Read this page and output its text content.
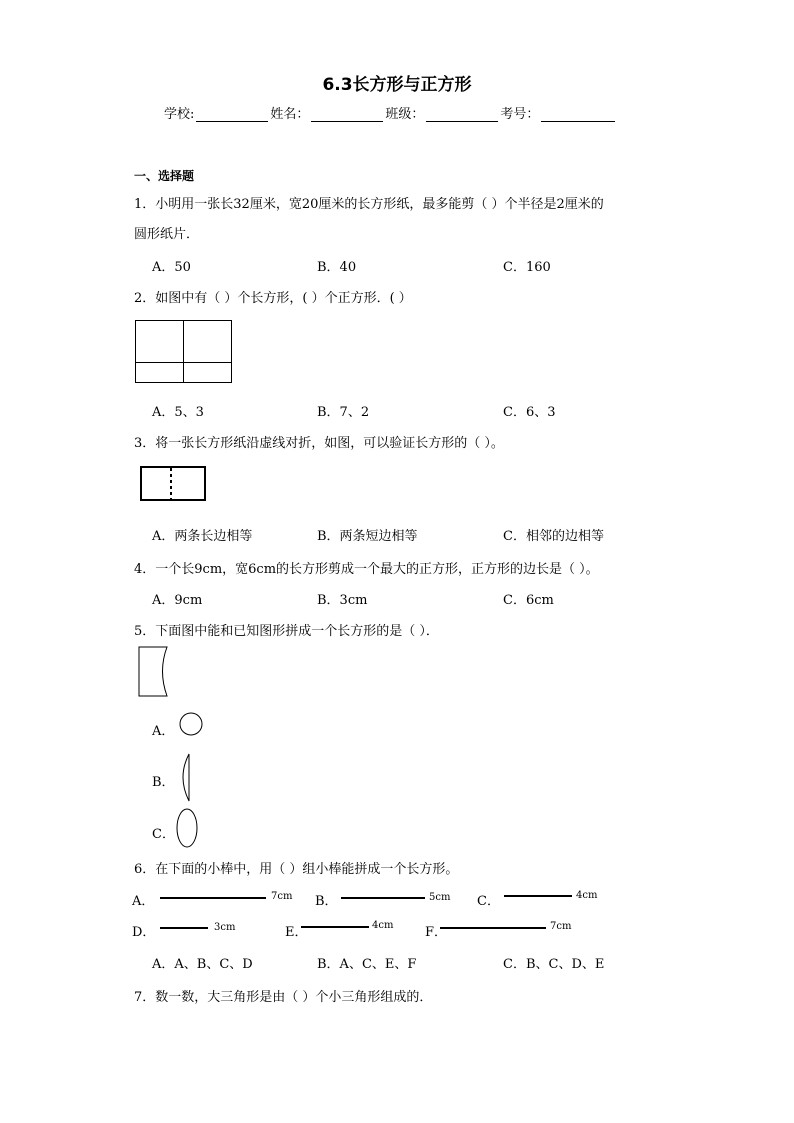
6.3长方形与正方形
学校:	姓名：	班级：	考号：
一、选择题
1．小明用一张长32厘米，宽20厘米的长方形纸，最多能剪（ ）个半径是2厘米的
圆形纸片．
A．50	B．40	C．160
2．如图中有（ ）个长方形，( ）个正方形．( ）
A．5、3	B．7、2	C．6、3
3．将一张长方形纸沿虚线对折，如图，可以验证长方形的（ ）。
A．两条长边相等	B．两条短边相等	C．相邻的边相等
4．一个长9cm，宽6cm的长方形剪成一个最大的正方形，正方形的边长是（ ）。
A．9cm	B．3cm	C．6cm
5．下面图中能和已知图形拼成一个长方形的是（ ）．
A．
B．
C．
6．在下面的小棒中，用（ ）组小棒能拼成一个长方形。
A．	7cm B．	5cm C．	4cm
D．	3cm	E．	4cm F．	7cm
A．A、B、C、D	B．A、C、E、F	C．B、C、D、E
7．数一数，大三角形是由（ ）个小三角形组成的．
